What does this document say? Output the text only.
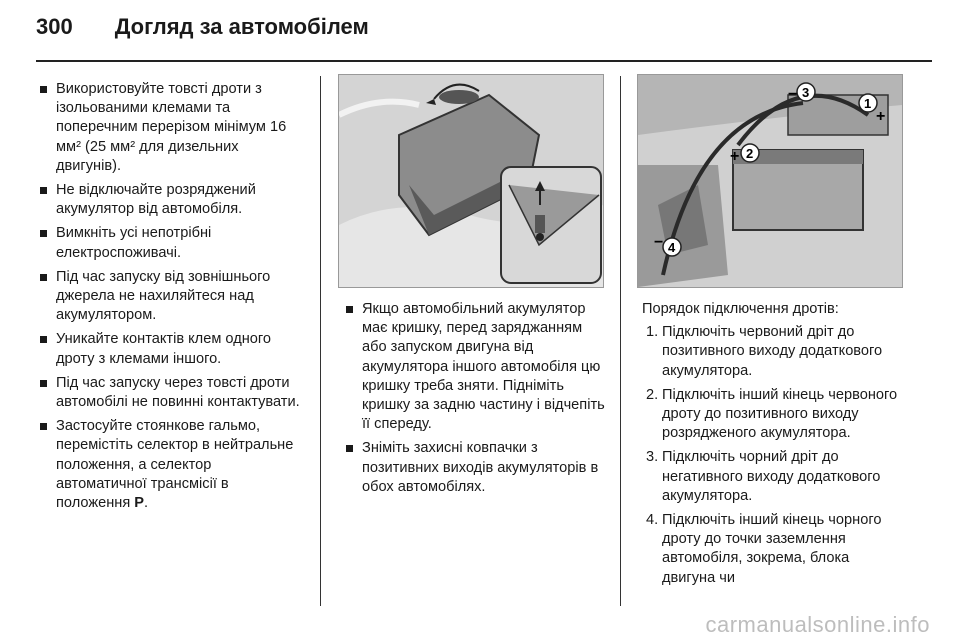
300 Догляд за автомобілем
Використовуйте товсті дроти з ізольованими клемами та поперечним перерізом мінімум 16 мм² (25 мм² для дизельних двигунів).
Не відключайте розряджений акумулятор від автомобіля.
Вимкніть усі непотрібні електроспоживачі.
Під час запуску від зовнішнього джерела не нахиляйтеся над акумулятором.
Уникайте контактів клем одного дроту з клемами іншого.
Під час запуску через товсті дроти автомобілі не повинні контактувати.
Застосуйте стоянкове гальмо, перемістіть селектор в нейтральне положення, а селектор автоматичної трансмісії в положення P.
Якщо автомобільний акумулятор має кришку, перед заряджанням або запуском двигуна від акумулятора іншого автомобіля цю кришку треба зняти. Підніміть кришку за задню частину і відчепіть її спереду.
Зніміть захисні ковпачки з позитивних виходів акумуляторів в обох автомобілях.
1
2
3
4
+
+
−
−
Порядок підключення дротів:
1. Підключіть червоний дріт до позитивного виходу додаткового акумулятора.
2. Підключіть інший кінець червоного дроту до позитивного виходу розрядженого акумулятора.
3. Підключіть чорний дріт до негативного виходу додаткового акумулятора.
4. Підключіть інший кінець чорного дроту до точки заземлення автомобіля, зокрема, блока двигуна чи
carmanualsonline.info
